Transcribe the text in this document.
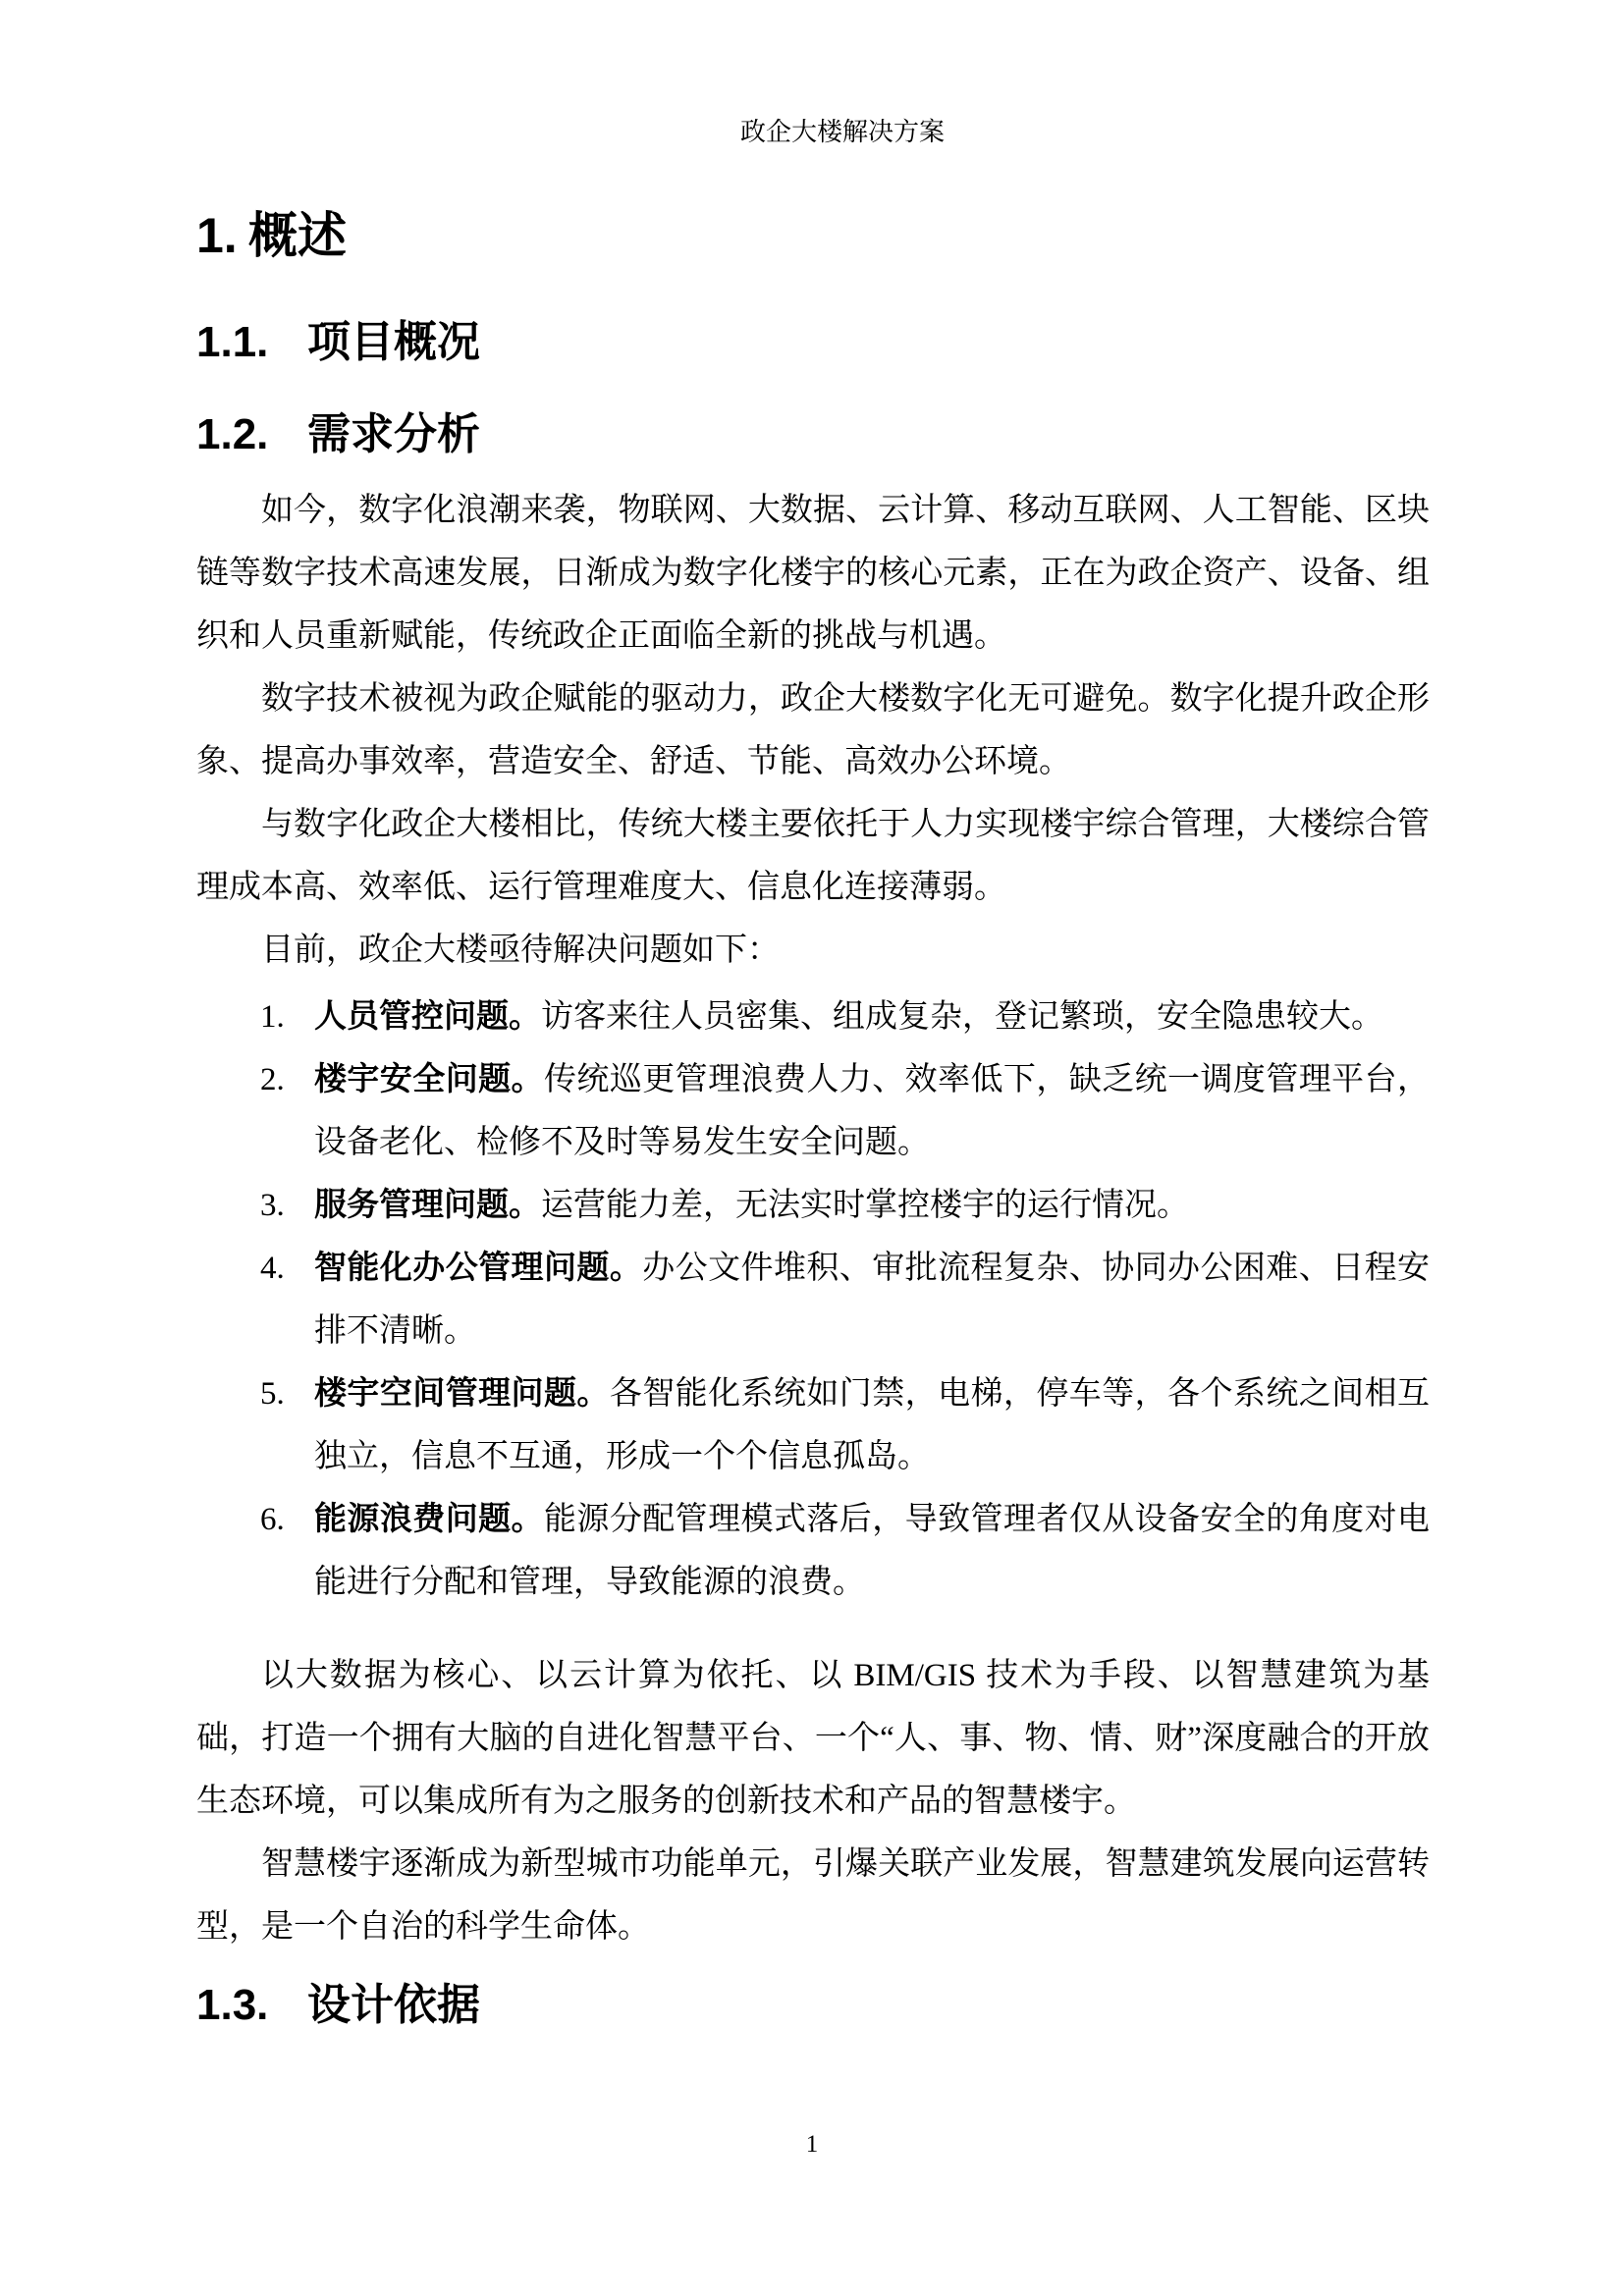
政企大楼解决方案
1. 概述
1.1. 项目概况
1.2. 需求分析

如今，数字化浪潮来袭，物联网、大数据、云计算、移动互联网、人工智能、区块链等数字技术高速发展，日渐成为数字化楼宇的核心元素，正在为政企资产、设备、组织和人员重新赋能，传统政企正面临全新的挑战与机遇。

数字技术被视为政企赋能的驱动力，政企大楼数字化无可避免。数字化提升政企形象、提高办事效率，营造安全、舒适、节能、高效办公环境。

与数字化政企大楼相比，传统大楼主要依托于人力实现楼宇综合管理，大楼综合管理成本高、效率低、运行管理难度大、信息化连接薄弱。

目前，政企大楼亟待解决问题如下：

1. 人员管控问题。访客来往人员密集、组成复杂，登记繁琐，安全隐患较大。
2. 楼宇安全问题。传统巡更管理浪费人力、效率低下，缺乏统一调度管理平台，设备老化、检修不及时等易发生安全问题。
3. 服务管理问题。运营能力差，无法实时掌控楼宇的运行情况。
4. 智能化办公管理问题。办公文件堆积、审批流程复杂、协同办公困难、日程安排不清晰。
5. 楼宇空间管理问题。各智能化系统如门禁，电梯，停车等，各个系统之间相互独立，信息不互通，形成一个个信息孤岛。
6. 能源浪费问题。能源分配管理模式落后，导致管理者仅从设备安全的角度对电能进行分配和管理，导致能源的浪费。

以大数据为核心、以云计算为依托、以 BIM/GIS 技术为手段、以智慧建筑为基础，打造一个拥有大脑的自进化智慧平台、一个“人、事、物、情、财”深度融合的开放生态环境，可以集成所有为之服务的创新技术和产品的智慧楼宇。

智慧楼宇逐渐成为新型城市功能单元，引爆关联产业发展，智慧建筑发展向运营转型，是一个自治的科学生命体。

1.3. 设计依据
1
